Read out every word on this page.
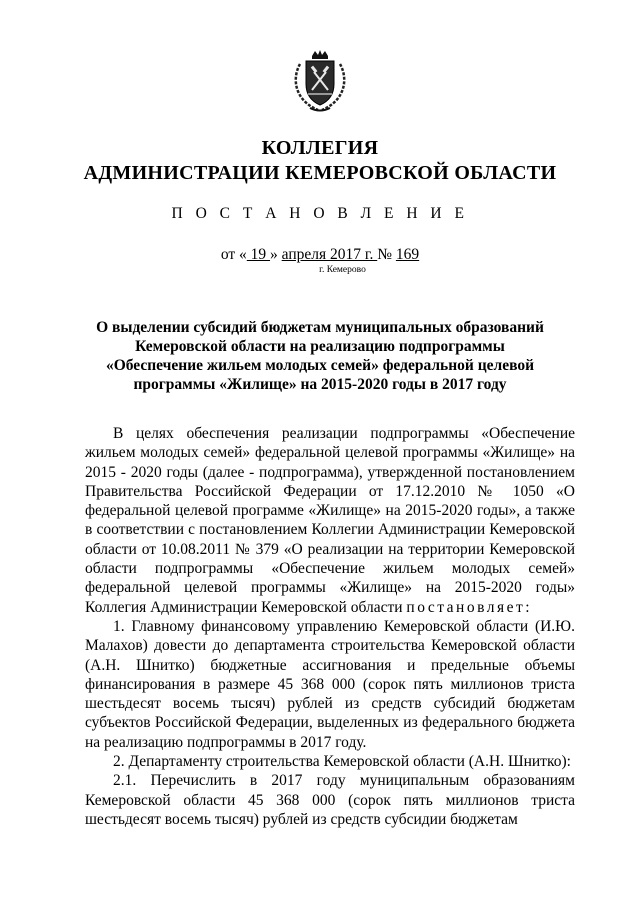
КОЛЛЕГИЯ
АДМИНИСТРАЦИИ КЕМЕРОВСКОЙ ОБЛАСТИ
П О С Т А Н О В Л Е Н И Е
от « 19 » апреля 2017 г. № 169
г. Кемерово
О выделении субсидий бюджетам муниципальных образований Кемеровской области на реализацию подпрограммы «Обеспечение жильем молодых семей» федеральной целевой программы «Жилище» на 2015-2020 годы в 2017 году

В целях обеспечения реализации подпрограммы «Обеспечение жильем молодых семей» федеральной целевой программы «Жилище» на 2015 - 2020 годы (далее - подпрограмма), утвержденной постановлением Правительства Российской Федерации от 17.12.2010 № 1050 «О федеральной целевой программе «Жилище» на 2015-2020 годы», а также в соответствии с постановлением Коллегии Администрации Кемеровской области от 10.08.2011 № 379 «О реализации на территории Кемеровской области подпрограммы «Обеспечение жильем молодых семей» федеральной целевой программы «Жилище» на 2015-2020 годы» Коллегия Администрации Кемеровской области постановляет:

1. Главному финансовому управлению Кемеровской области (И.Ю. Малахов) довести до департамента строительства Кемеровской области (А.Н. Шнитко) бюджетные ассигнования и предельные объемы финансирования в размере 45 368 000 (сорок пять миллионов триста шестьдесят восемь тысяч) рублей из средств субсидий бюджетам субъектов Российской Федерации, выделенных из федерального бюджета на реализацию подпрограммы в 2017 году.

2. Департаменту строительства Кемеровской области (А.Н. Шнитко):

2.1. Перечислить в 2017 году муниципальным образованиям Кемеровской области 45 368 000 (сорок пять миллионов триста шестьдесят восемь тысяч) рублей из средств субсидии бюджетам
